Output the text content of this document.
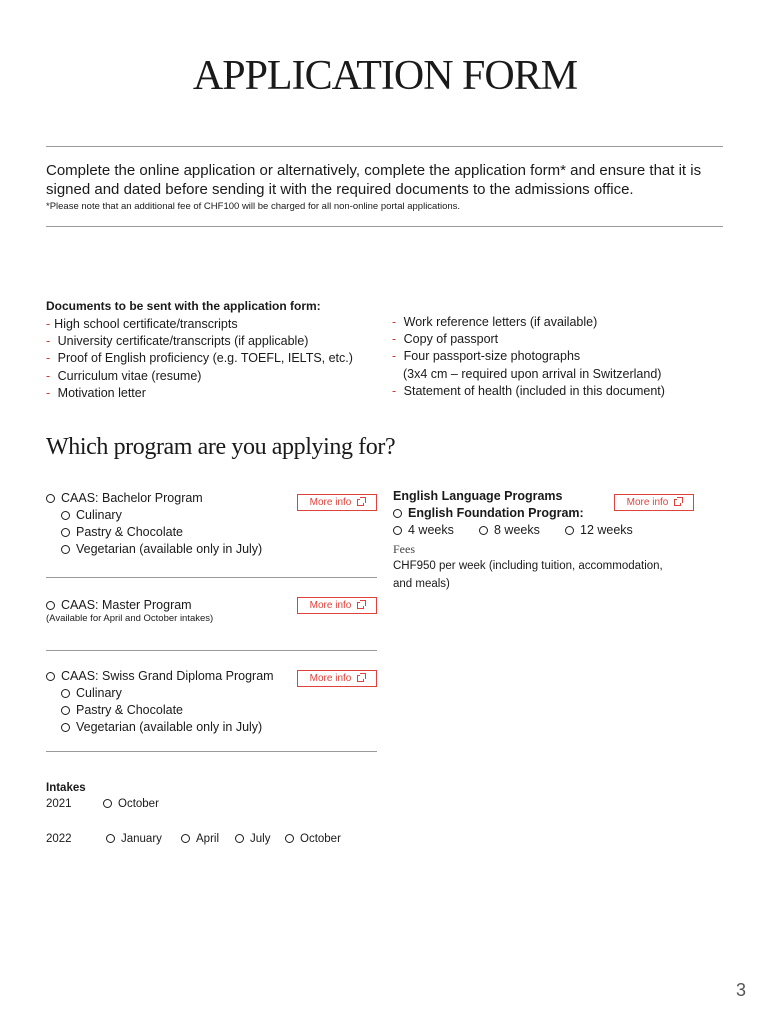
APPLICATION FORM
Complete the online application or alternatively, complete the application form* and ensure that it is signed and dated before sending it with the required documents to the admissions office.
*Please note that an additional fee of CHF100 will be charged for all non-online portal applications.
Documents to be sent with the application form:
- High school certificate/transcripts
- University certificate/transcripts (if applicable)
- Proof of English proficiency (e.g. TOEFL, IELTS, etc.)
- Curriculum vitae (resume)
- Motivation letter
- Work reference letters (if available)
- Copy of passport
- Four passport-size photographs
(3x4 cm – required upon arrival in Switzerland)
- Statement of health (included in this document)
Which program are you applying for?
CAAS: Bachelor Program	More info
Culinary
Pastry & Chocolate
Vegetarian (available only in July)
CAAS: Master Program
(Available for April and October intakes)
More info
CAAS: Swiss Grand Diploma Program	More info
Culinary
Pastry & Chocolate
Vegetarian (available only in July)
English Language Programs	More info
English Foundation Program:
4 weeks	8 weeks	12 weeks
Fees
CHF950 per week (including tuition, accommodation,
and meals)
Intakes
2021	October
2022	January	April	July	October
3
